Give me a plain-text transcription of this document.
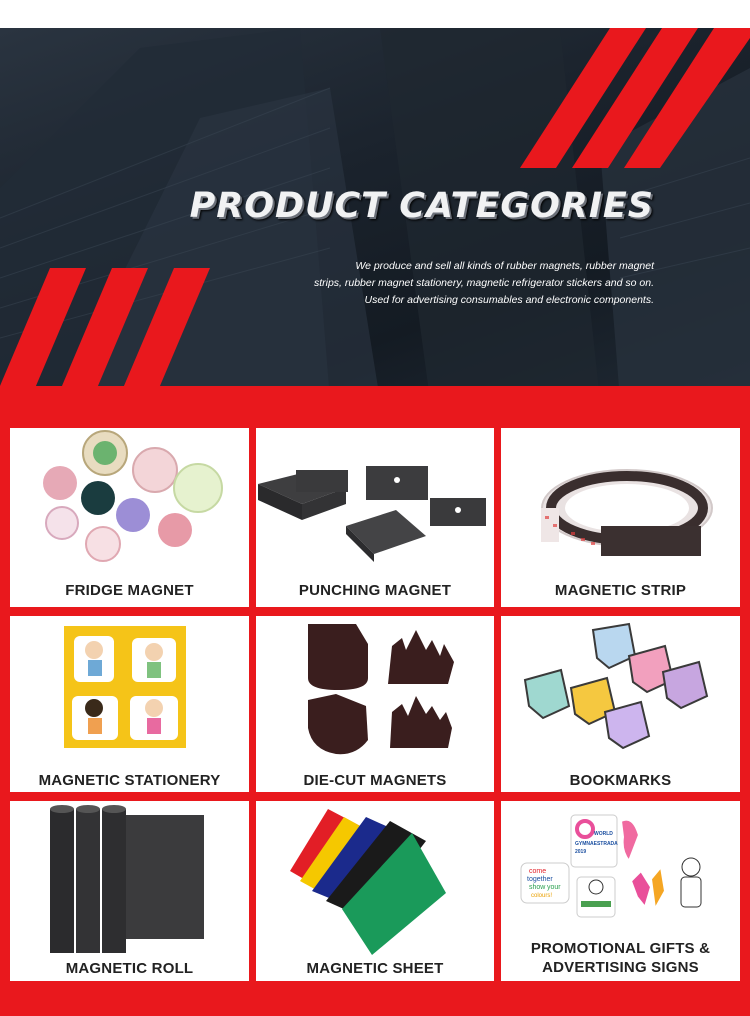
PRODUCT CATEGORIES
We produce and sell all kinds of rubber magnets, rubber magnet
strips, rubber magnet stationery, magnetic refrigerator stickers and so on.
Used for advertising consumables and electronic components.
FRIDGE MAGNET	PUNCHING MAGNET	MAGNETIC STRIP
MAGNETIC STATIONERY	DIE-CUT MAGNETS	BOOKMARKS
MAGNETIC ROLL	MAGNETIC SHEET
WORLD
GYMNAESTRADA
2019
come
together
show your
colours!
PROMOTIONAL GIFTS &
ADVERTISING SIGNS
